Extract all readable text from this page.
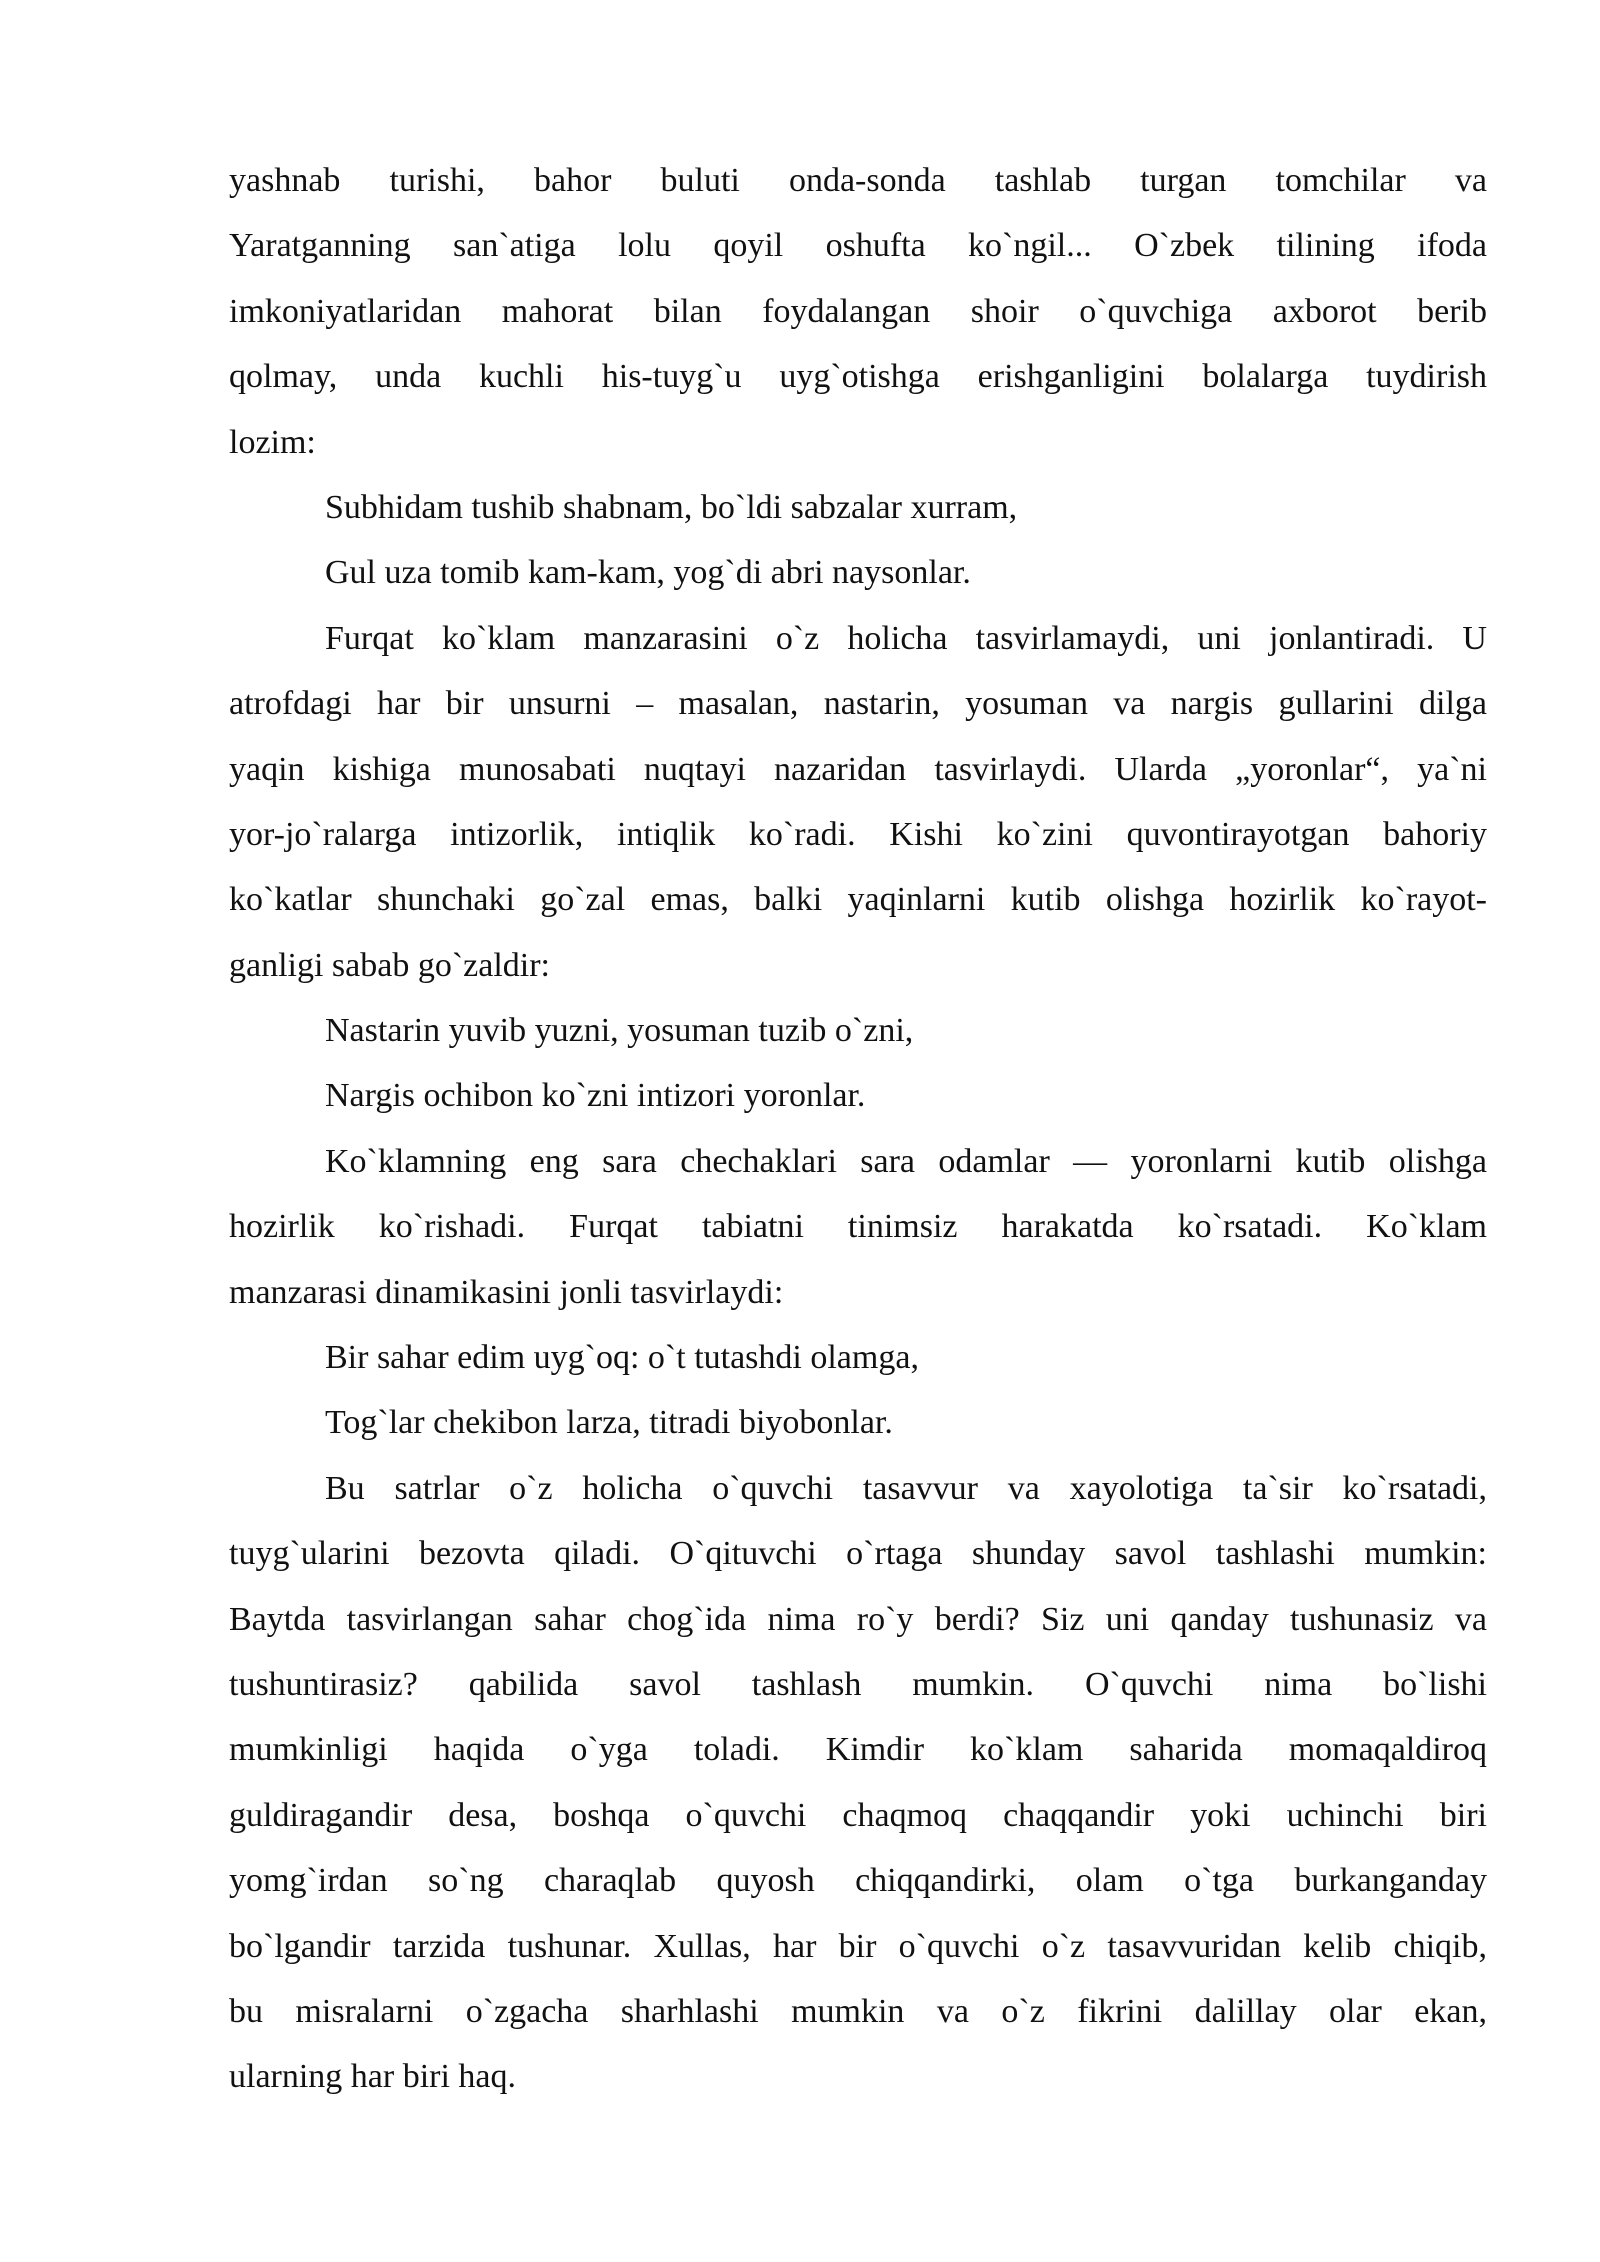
yashnab turishi, bahor buluti onda-sonda tashlab turgan tomchilar va
Yaratganning san`atiga lolu qoyil oshufta ko`ngil... O`zbek tilining ifoda
imkoniyatlaridan mahorat bilan foydalangan shoir o`quvchiga axborot berib
qolmay, unda kuchli his-tuyg`u uyg`otishga erishganligini bolalarga tuydirish
lozim:
Subhidam tushib shabnam, bo`ldi sabzalar xurram,
Gul uza tomib kam-kam, yog`di abri naysonlar.
Furqat ko`klam manzarasini o`z holicha tasvirlamaydi, uni jonlantiradi. U
atrofdagi har bir unsurni – masalan, nastarin, yosuman va nargis gullarini dilga
yaqin kishiga munosabati nuqtayi nazaridan tasvirlaydi. Ularda „yoronlar“, ya`ni
yor-jo`ralarga intizorlik, intiqlik ko`radi. Kishi ko`zini quvontirayotgan bahoriy
ko`katlar shunchaki go`zal emas, balki yaqinlarni kutib olishga hozirlik ko`rayot-
ganligi sabab go`zaldir:
Nastarin yuvib yuzni, yosuman tuzib o`zni,
Nargis ochibon ko`zni intizori yoronlar.
Ko`klamning eng sara chechaklari sara odamlar — yoronlarni kutib olishga
hozirlik ko`rishadi. Furqat tabiatni tinimsiz harakatda ko`rsatadi. Ko`klam
manzarasi dinamikasini jonli tasvirlaydi:
Bir sahar edim uyg`oq: o`t tutashdi olamga,
Tog`lar chekibon larza, titradi biyobonlar.
Bu satrlar o`z holicha o`quvchi tasavvur va xayolotiga ta`sir ko`rsatadi,
tuyg`ularini bezovta qiladi. O`qituvchi o`rtaga shunday savol tashlashi mumkin:
Baytda tasvirlangan sahar chog`ida nima ro`y berdi? Siz uni qanday tushunasiz va
tushuntirasiz? qabilida savol tashlash mumkin. O`quvchi nima bo`lishi
mumkinligi haqida o`yga toladi. Kimdir ko`klam saharida momaqaldiroq
guldiragandir desa, boshqa o`quvchi chaqmoq chaqqandir yoki uchinchi biri
yomg`irdan so`ng charaqlab quyosh chiqqandirki, olam o`tga burkanganday
bo`lgandir tarzida tushunar. Xullas, har bir o`quvchi o`z tasavvuridan kelib chiqib,
bu misralarni o`zgacha sharhlashi mumkin va o`z fikrini dalillay olar ekan,
ularning har biri haq.
